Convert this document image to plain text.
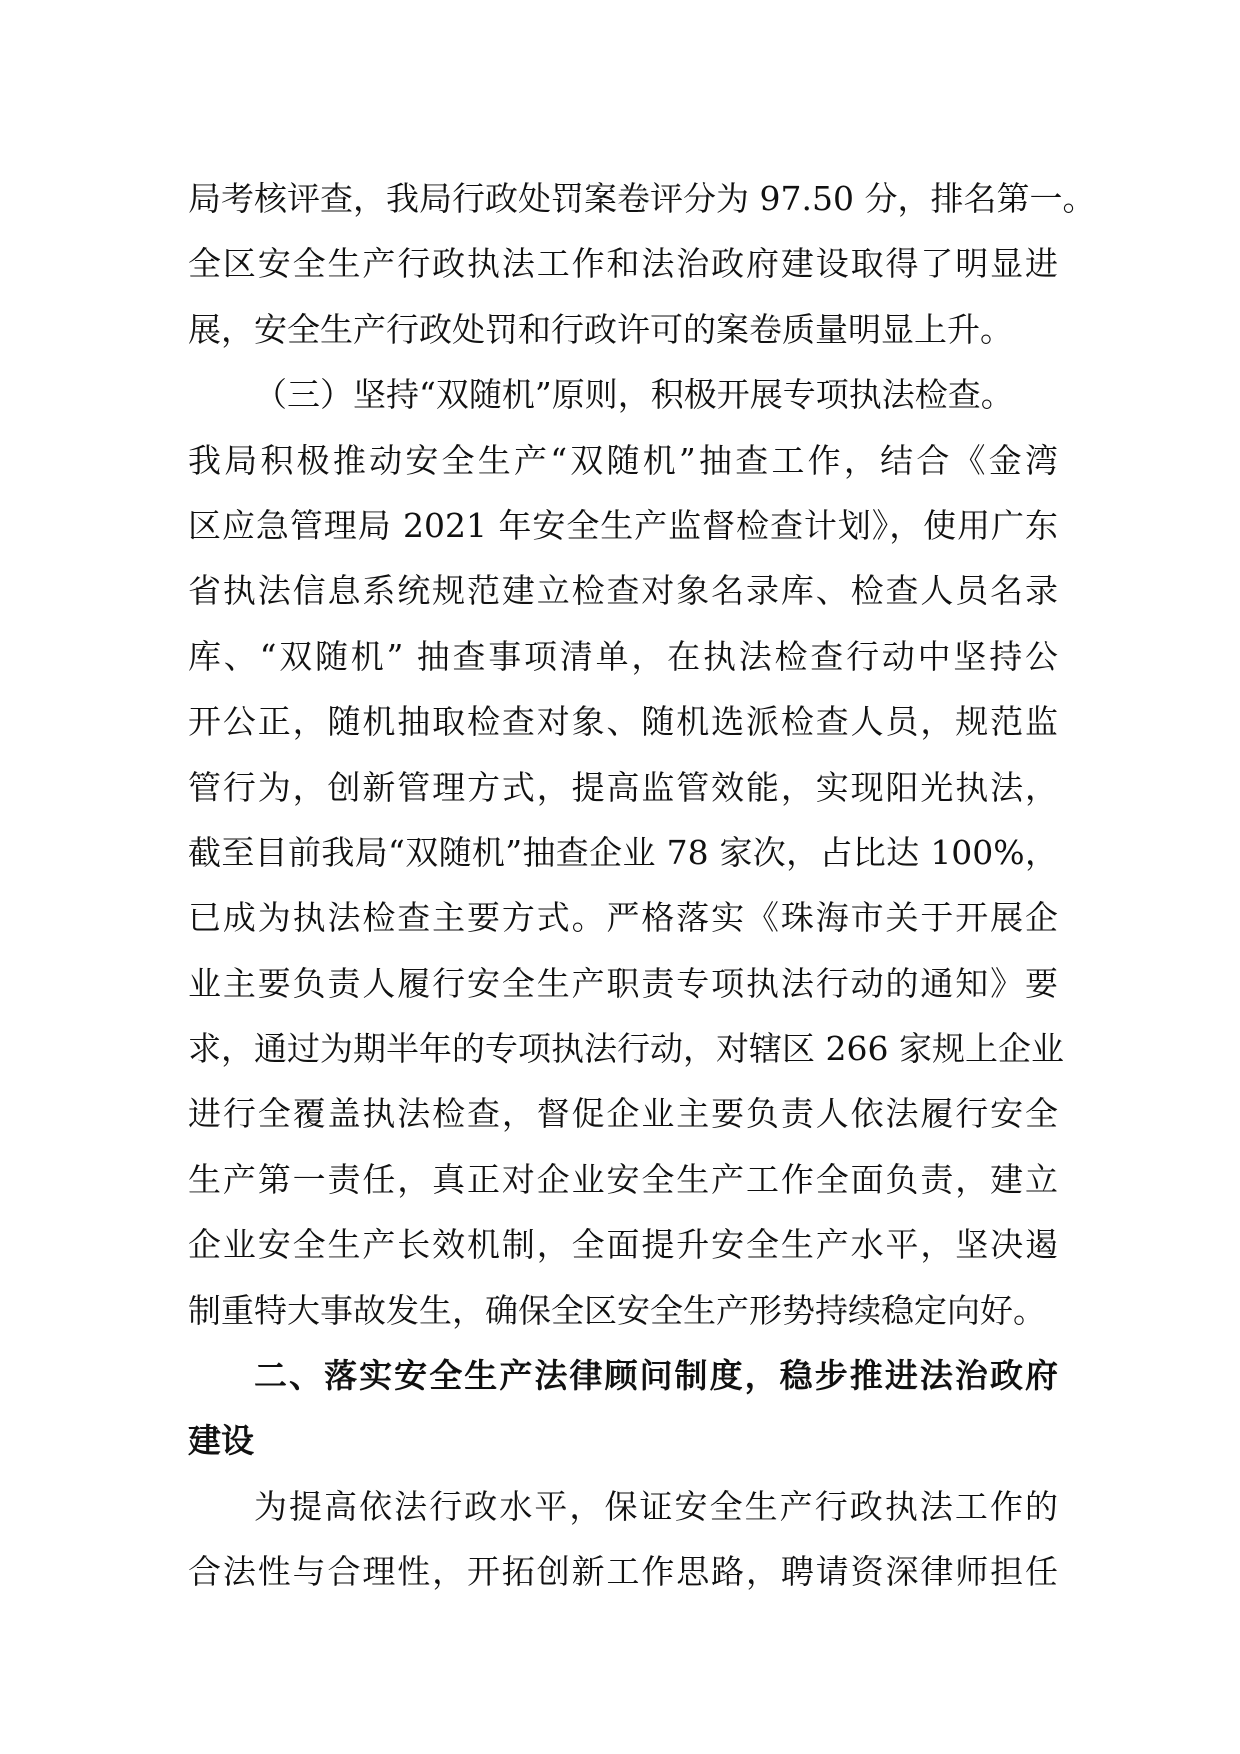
局考核评查，我局行政处罚案卷评分为 97.50 分，排名第一。
全区安全生产行政执法工作和法治政府建设取得了明显进
展，安全生产行政处罚和行政许可的案卷质量明显上升。
（三）坚持“双随机”原则，积极开展专项执法检查。
我局积极推动安全生产“双随机”抽查工作，结合《金湾
区应急管理局 2021 年安全生产监督检查计划》，使用广东
省执法信息系统规范建立检查对象名录库、检查人员名录
库、“双随机” 抽查事项清单，在执法检查行动中坚持公
开公正，随机抽取检查对象、随机选派检查人员，规范监
管行为，创新管理方式，提高监管效能，实现阳光执法，
截至目前我局“双随机”抽查企业 78 家次，占比达 100%，
已成为执法检查主要方式。严格落实《珠海市关于开展企
业主要负责人履行安全生产职责专项执法行动的通知》要
求，通过为期半年的专项执法行动，对辖区 266 家规上企业
进行全覆盖执法检查，督促企业主要负责人依法履行安全
生产第一责任，真正对企业安全生产工作全面负责，建立
企业安全生产长效机制，全面提升安全生产水平，坚决遏
制重特大事故发生，确保全区安全生产形势持续稳定向好。
二、落实安全生产法律顾问制度，稳步推进法治政府
建设
为提高依法行政水平，保证安全生产行政执法工作的
合法性与合理性，开拓创新工作思路，聘请资深律师担任
